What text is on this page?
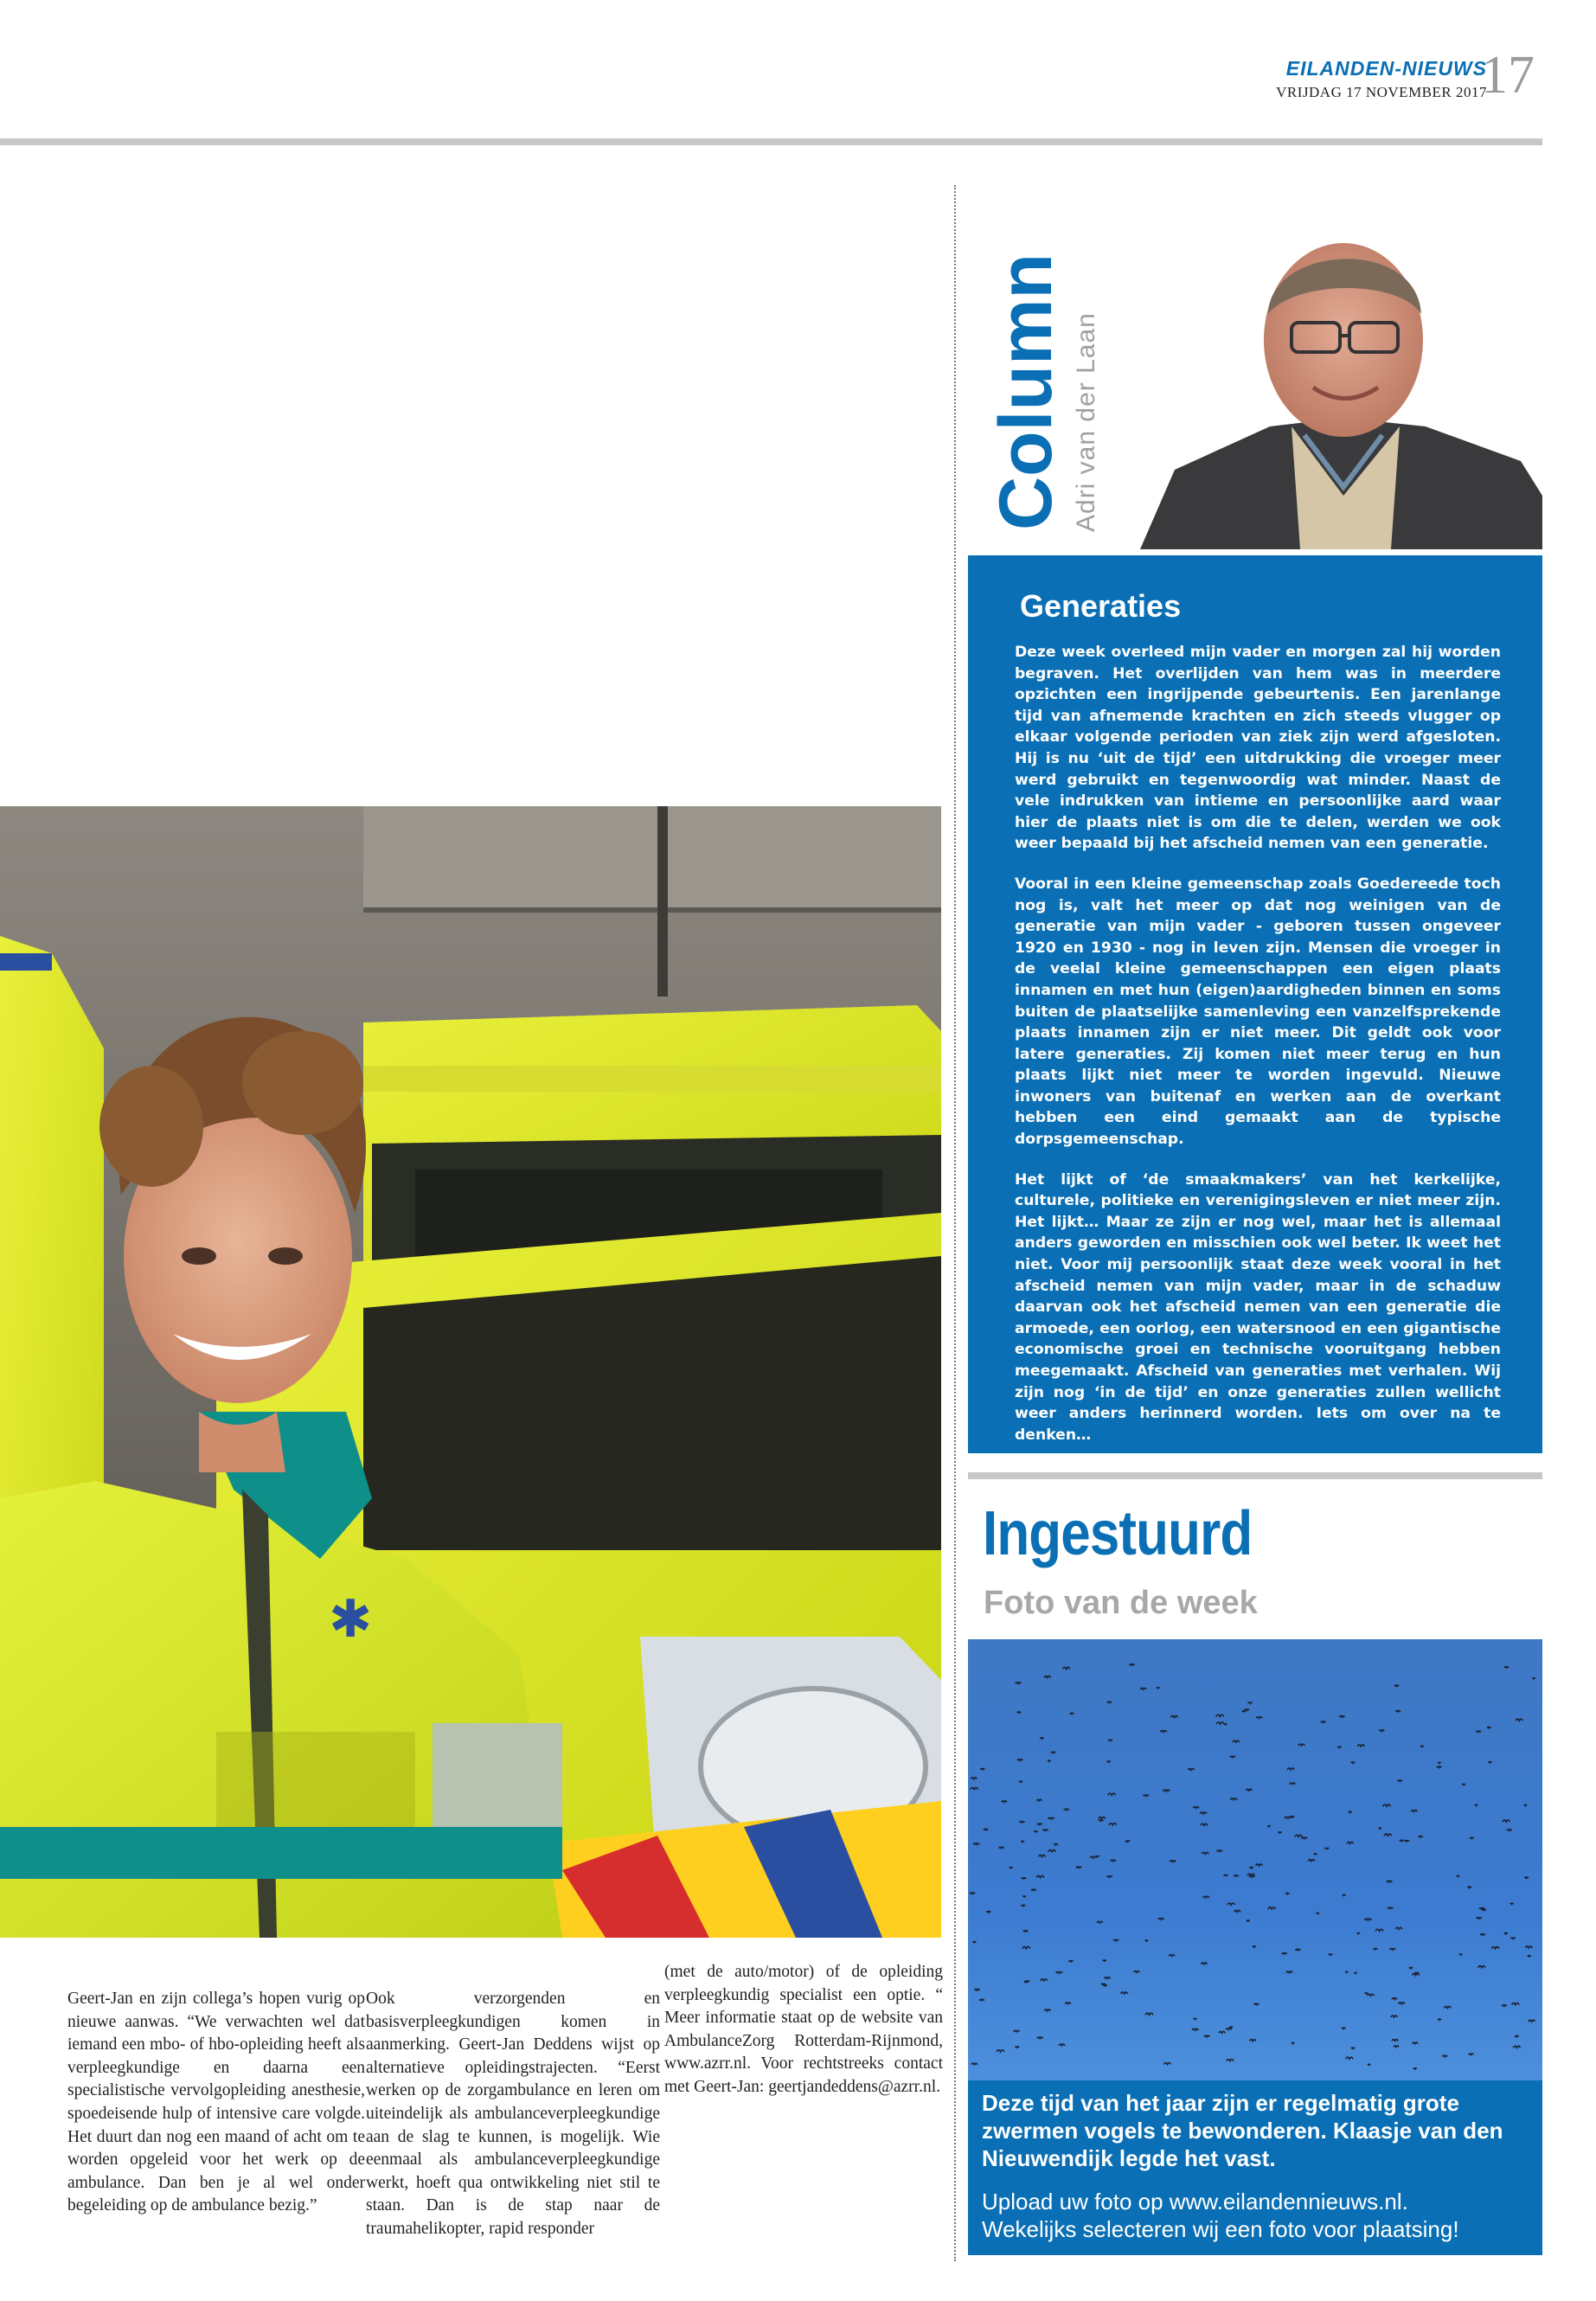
EILANDEN-NIEUWS
VRIJDAG 17 NOVEMBER 2017
17
✱
Geert-Jan en zijn collega’s hopen vurig op nieuwe aanwas. “We verwachten wel dat iemand een mbo- of hbo-opleiding heeft als verpleegkundige en daarna een specialistische vervolgopleiding anesthesie, spoedeisende hulp of intensive care volgde. Het duurt dan nog een maand of acht om te worden opgeleid voor het werk op de ambulance. Dan ben je al wel onder begeleiding op de ambulance bezig.”
Ook verzorgenden en basisverpleegkundigen komen in aanmerking. Geert-Jan Deddens wijst op alternatieve opleidingstrajecten. “Eerst werken op de zorgambulance en leren om uiteindelijk als ambulanceverpleegkundige aan de slag te kunnen, is mogelijk. Wie eenmaal als ambulanceverpleegkundige werkt, hoeft qua ontwikkeling niet stil te staan. Dan is de stap naar de traumahelikopter, rapid responder
(met de auto/motor) of de opleiding verpleegkundig specialist een optie. “ Meer informatie staat op de website van AmbulanceZorg Rotterdam-Rijnmond, www.azrr.nl. Voor rechtstreeks contact met Geert-Jan: geertjandeddens@azrr.nl.
Column Adri van der Laan
Generaties

Deze week overleed mijn vader en morgen zal hij worden begraven. Het overlijden van hem was in meerdere opzichten een ingrijpende gebeurtenis. Een jarenlange tijd van afnemende krachten en zich steeds vlugger op elkaar volgende perioden van ziek zijn werd afgesloten. Hij is nu ‘uit de tijd’ een uitdrukking die vroeger meer werd gebruikt en tegenwoordig wat minder. Naast de vele indrukken van intieme en persoonlijke aard waar hier de plaats niet is om die te delen, werden we ook weer bepaald bij het afscheid nemen van een generatie.

Vooral in een kleine gemeenschap zoals Goedereede toch nog is, valt het meer op dat nog weinigen van de generatie van mijn vader - geboren tussen ongeveer 1920 en 1930 - nog in leven zijn. Mensen die vroeger in de veelal kleine gemeenschappen een eigen plaats innamen en met hun (eigen)aardigheden binnen en soms buiten de plaatselijke samenleving een vanzelfsprekende plaats innamen zijn er niet meer. Dit geldt ook voor latere generaties. Zij komen niet meer terug en hun plaats lijkt niet meer te worden ingevuld. Nieuwe inwoners van buitenaf en werken aan de overkant hebben een eind gemaakt aan de typische dorpsgemeenschap.

Het lijkt of ‘de smaakmakers’ van het kerkelijke, culturele, politieke en verenigingsleven er niet meer zijn. Het lijkt… Maar ze zijn er nog wel, maar het is allemaal anders geworden en misschien ook wel beter. Ik weet het niet. Voor mij persoonlijk staat deze week vooral in het afscheid nemen van mijn vader, maar in de schaduw daarvan ook het afscheid nemen van een generatie die armoede, een oorlog, een watersnood en een gigantische economische groei en technische vooruitgang hebben meegemaakt. Afscheid van generaties met verhalen. Wij zijn nog ‘in de tijd’ en onze generaties zullen wellicht weer anders herinnerd worden. Iets om over na te denken…

Ingestuurd
Foto van de week
Deze tijd van het jaar zijn er regelmatig grote zwermen vogels te bewonderen. Klaasje van den Nieuwendijk legde het vast.
Upload uw foto op www.eilandennieuws.nl.
Wekelijks selecteren wij een foto voor plaatsing!
